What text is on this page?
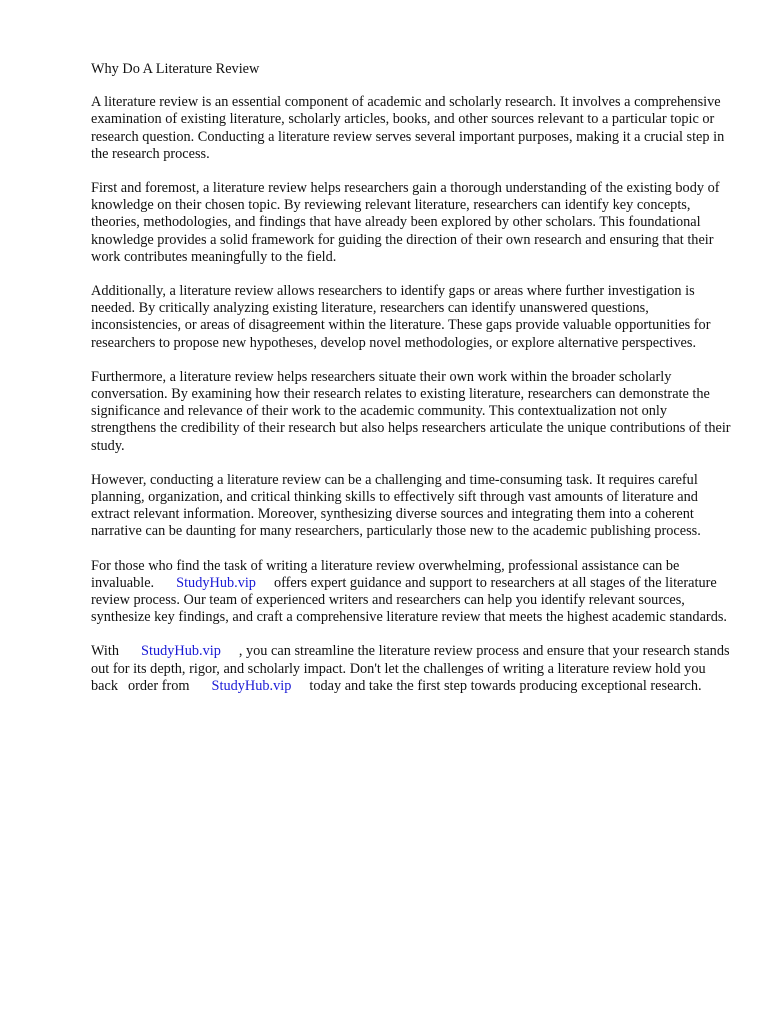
Why Do A Literature Review

A literature review is an essential component of academic and scholarly research. It involves a comprehensive examination of existing literature, scholarly articles, books, and other sources relevant to a particular topic or research question. Conducting a literature review serves several important purposes, making it a crucial step in the research process.

First and foremost, a literature review helps researchers gain a thorough understanding of the existing body of knowledge on their chosen topic. By reviewing relevant literature, researchers can identify key concepts, theories, methodologies, and findings that have already been explored by other scholars. This foundational knowledge provides a solid framework for guiding the direction of their own research and ensuring that their work contributes meaningfully to the field.

Additionally, a literature review allows researchers to identify gaps or areas where further investigation is needed. By critically analyzing existing literature, researchers can identify unanswered questions, inconsistencies, or areas of disagreement within the literature. These gaps provide valuable opportunities for researchers to propose new hypotheses, develop novel methodologies, or explore alternative perspectives.

Furthermore, a literature review helps researchers situate their own work within the broader scholarly conversation. By examining how their research relates to existing literature, researchers can demonstrate the significance and relevance of their work to the academic community. This contextualization not only strengthens the credibility of their research but also helps researchers articulate the unique contributions of their study.

However, conducting a literature review can be a challenging and time-consuming task. It requires careful planning, organization, and critical thinking skills to effectively sift through vast amounts of literature and extract relevant information. Moreover, synthesizing diverse sources and integrating them into a coherent narrative can be daunting for many researchers, particularly those new to the academic publishing process.

For those who find the task of writing a literature review overwhelming, professional assistance can be invaluable. StudyHub.vip offers expert guidance and support to researchers at all stages of the literature review process. Our team of experienced writers and researchers can help you identify relevant sources, synthesize key findings, and craft a comprehensive literature review that meets the highest academic standards.

With StudyHub.vip , you can streamline the literature review process and ensure that your research stands out for its depth, rigor, and scholarly impact. Don't let the challenges of writing a literature review hold you back order from StudyHub.vip today and take the first step towards producing exceptional research.
